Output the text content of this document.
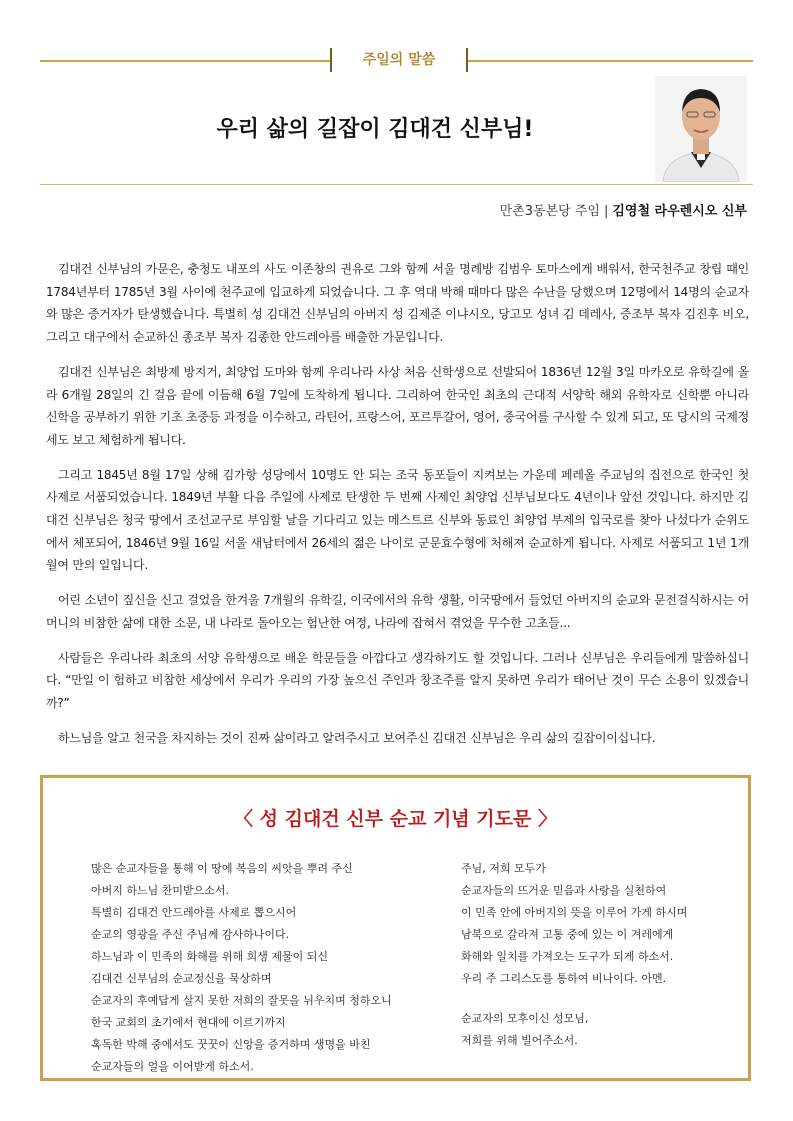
주일의 말씀
우리 삶의 길잡이 김대건 신부님!
만촌3동본당 주임 | 김영철 라우렌시오 신부

김대건 신부님의 가문은, 충청도 내포의 사도 이존창의 권유로 그와 함께 서울 명례방 김범우 토마스에게 배워서, 한국천주교 창립 때인 1784년부터 1785년 3월 사이에 천주교에 입교하게 되었습니다. 그 후 역대 박해 때마다 많은 수난을 당했으며 12명에서 14명의 순교자와 많은 증거자가 탄생했습니다. 특별히 성 김대건 신부님의 아버지 성 김제준 이냐시오, 당고모 성녀 김 데레사, 증조부 복자 김진후 비오, 그리고 대구에서 순교하신 종조부 복자 김종한 안드레아를 배출한 가문입니다.

김대건 신부님은 최방제 방지거, 최양업 도마와 함께 우리나라 사상 처음 신학생으로 선발되어 1836년 12월 3일 마카오로 유학길에 올라 6개월 28일의 긴 걸음 끝에 이듬해 6월 7일에 도착하게 됩니다. 그리하여 한국인 최초의 근대적 서양학 해외 유학자로 신학뿐 아니라 신학을 공부하기 위한 기초 초중등 과정을 이수하고, 라틴어, 프랑스어, 포르투갈어, 영어, 중국어를 구사할 수 있게 되고, 또 당시의 국제정세도 보고 체험하게 됩니다.

그리고 1845년 8월 17일 상해 김가항 성당에서 10명도 안 되는 조국 동포들이 지켜보는 가운데 페레올 주교님의 집전으로 한국인 첫 사제로 서품되었습니다. 1849년 부활 다음 주일에 사제로 탄생한 두 번째 사제인 최양업 신부님보다도 4년이나 앞선 것입니다. 하지만 김대건 신부님은 청국 땅에서 조선교구로 부임할 날을 기다리고 있는 메스트르 신부와 동료인 최양업 부제의 입국로를 찾아 나섰다가 순위도에서 체포되어, 1846년 9월 16일 서울 새남터에서 26세의 젊은 나이로 군문효수형에 처해져 순교하게 됩니다. 사제로 서품되고 1년 1개월여 만의 일입니다.

어린 소년이 짚신을 신고 걸었을 한겨울 7개월의 유학길, 이국에서의 유학 생활, 이국땅에서 들었던 아버지의 순교와 문전걸식하시는 어머니의 비참한 삶에 대한 소문, 내 나라로 돌아오는 험난한 여정, 나라에 잡혀서 겪었을 무수한 고초들...

사람들은 우리나라 최초의 서양 유학생으로 배운 학문들을 아깝다고 생각하기도 할 것입니다. 그러나 신부님은 우리들에게 말씀하십니다. “만일 이 험하고 비참한 세상에서 우리가 우리의 가장 높으신 주인과 창조주를 알지 못하면 우리가 태어난 것이 무슨 소용이 있겠습니까?”

하느님을 알고 천국을 차지하는 것이 진짜 삶이라고 알려주시고 보여주신 김대건 신부님은 우리 삶의 길잡이이십니다.

〈 성 김대건 신부 순교 기념 기도문 〉
많은 순교자들을 통해 이 땅에 복음의 씨앗을 뿌려 주신
아버지 하느님 찬미받으소서.
특별히 김대건 안드레아를 사제로 뽑으시어
순교의 영광을 주신 주님께 감사하나이다.
하느님과 이 민족의 화해를 위해 희생 제물이 되신
김대건 신부님의 순교정신을 묵상하며
순교자의 후예답게 살지 못한 저희의 잘못을 뉘우치며 청하오니
한국 교회의 초기에서 현대에 이르기까지
혹독한 박해 중에서도 꿋꿋이 신앙을 증거하며 생명을 바친
순교자들의 얼을 이어받게 하소서.
주님, 저희 모두가
순교자들의 뜨거운 믿음과 사랑을 실천하여
이 민족 안에 아버지의 뜻을 이루어 가게 하시며
남북으로 갈라져 고통 중에 있는 이 겨레에게
화해와 일치를 가져오는 도구가 되게 하소서.
우리 주 그리스도를 통하여 비나이다. 아멘.
순교자의 모후이신 성모님,
저희를 위해 빌어주소서.
